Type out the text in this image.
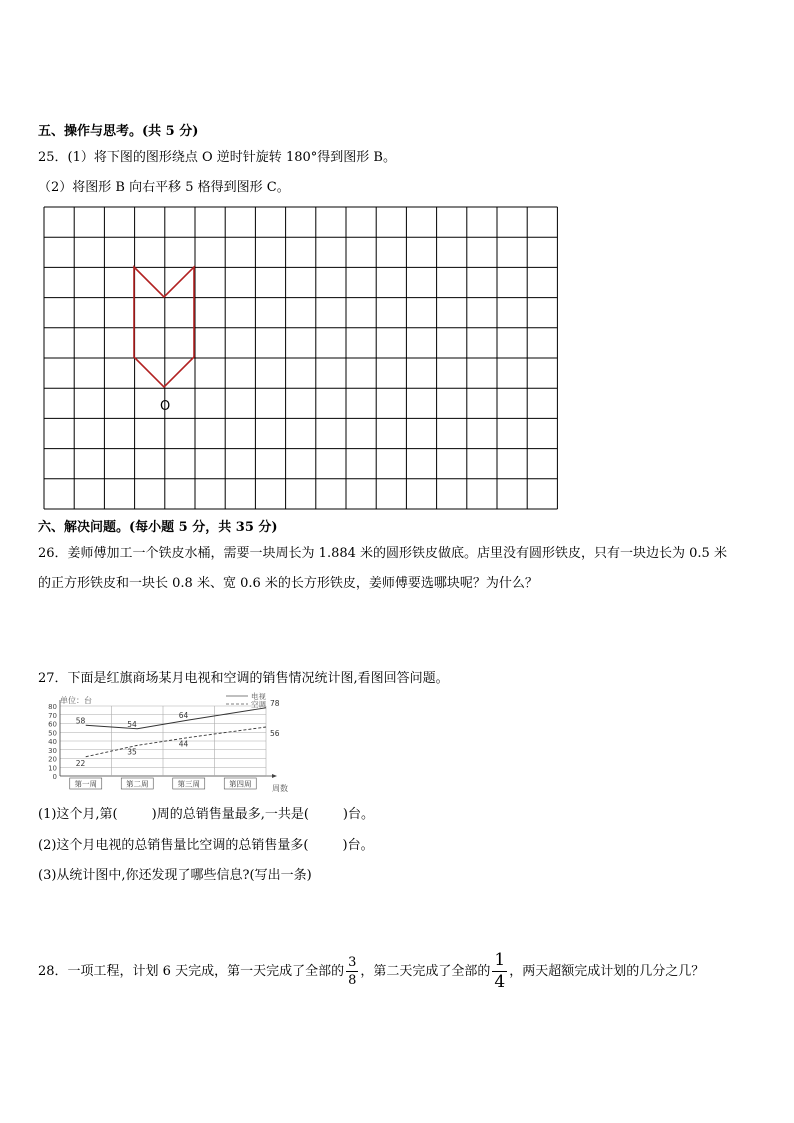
五、操作与思考。(共 5 分)
25．(1）将下图的图形绕点 O 逆时针旋转 180°得到图形 B。
（2）将图形 B 向右平移 5 格得到图形 C。
O
六、解决问题。(每小题 5 分，共 35 分)
26．姜师傅加工一个铁皮水桶，需要一块周长为 1.884 米的圆形铁皮做底。店里没有圆形铁皮，只有一块边长为 0.5 米
的正方形铁皮和一块长 0.8 米、宽 0.6 米的长方形铁皮，姜师傅要选哪块呢？为什么？
27．下面是红旗商场某月电视和空调的销售情况统计图,看图回答问题。
0
10
20
30
40
50
60
70
80
第一周	第二周	第三周	第四周
58	54
64
78
22
35
44
56
电视
空调
单位：台
周数
(1)这个月,第(	)周的总销售量最多,一共是(	)台。
(2)这个月电视的总销售量比空调的总销售量多(	)台。
(3)从统计图中,你还发现了哪些信息?(写出一条)
28．一项工程，计划 6 天完成，第一天完成了全部的 $\frac{3}{8}$ ，第二天完成了全部的 $\frac{1}{4}$ ，两天超额完成计划的几分之几？
